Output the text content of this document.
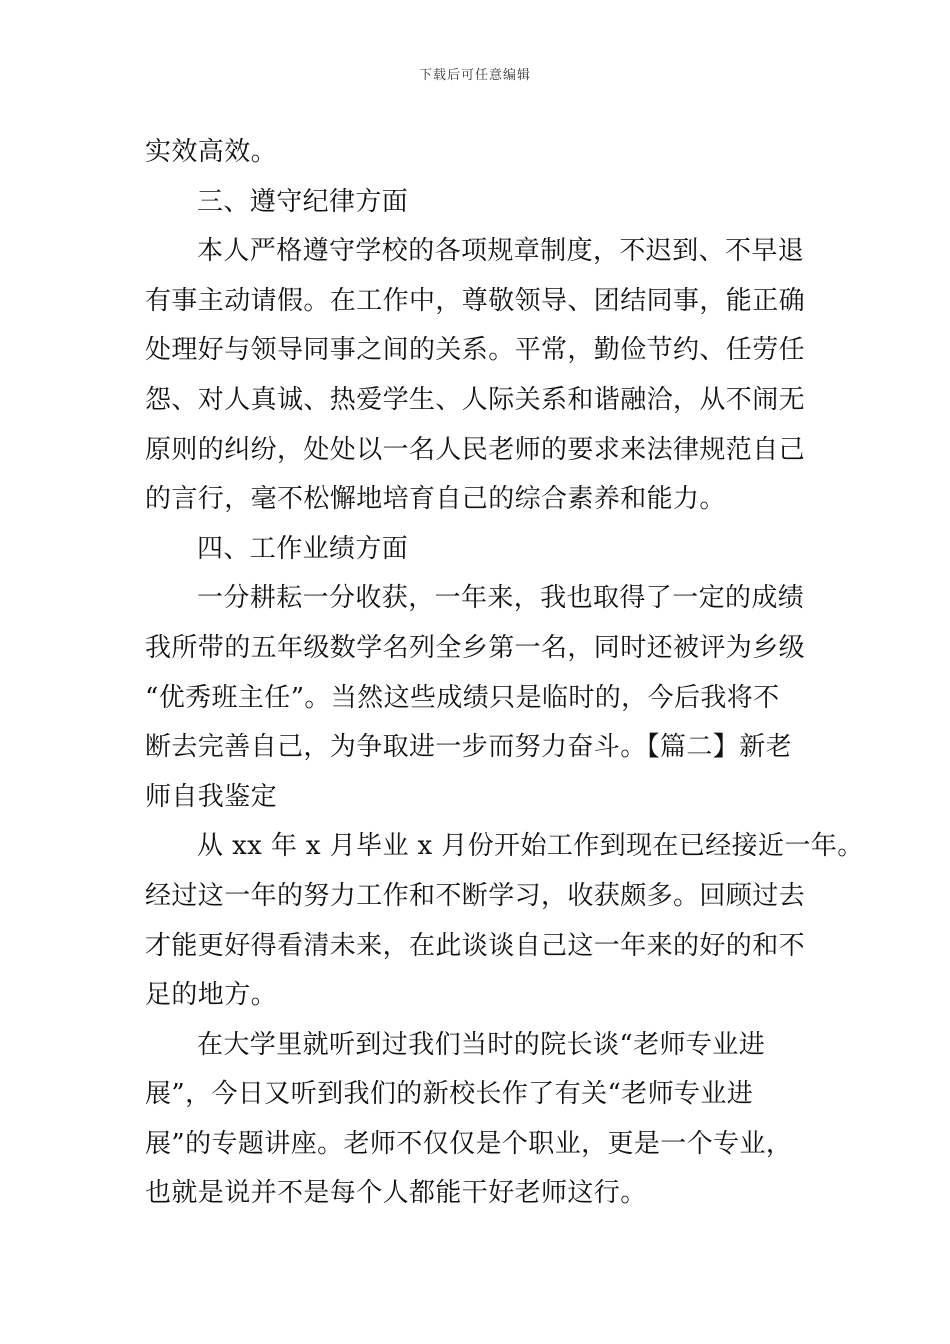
下载后可任意编辑
实效高效。
三、遵守纪律方面
本人严格遵守学校的各项规章制度，不迟到、不早退
有事主动请假。在工作中，尊敬领导、团结同事，能正确
处理好与领导同事之间的关系。平常，勤俭节约、任劳任
怨、对人真诚、热爱学生、人际关系和谐融洽，从不闹无
原则的纠纷，处处以一名人民老师的要求来法律规范自己
的言行，毫不松懈地培育自己的综合素养和能力。
四、工作业绩方面
一分耕耘一分收获，一年来，我也取得了一定的成绩
我所带的五年级数学名列全乡第一名，同时还被评为乡级
“优秀班主任”。当然这些成绩只是临时的，今后我将不
断去完善自己，为争取进一步而努力奋斗。【篇二】新老
师自我鉴定
从 xx 年 x 月毕业 x 月份开始工作到现在已经接近一年。
经过这一年的努力工作和不断学习，收获颇多。回顾过去
才能更好得看清未来，在此谈谈自己这一年来的好的和不
足的地方。
在大学里就听到过我们当时的院长谈“老师专业进
展”，今日又听到我们的新校长作了有关“老师专业进
展”的专题讲座。老师不仅仅是个职业，更是一个专业，
也就是说并不是每个人都能干好老师这行。
